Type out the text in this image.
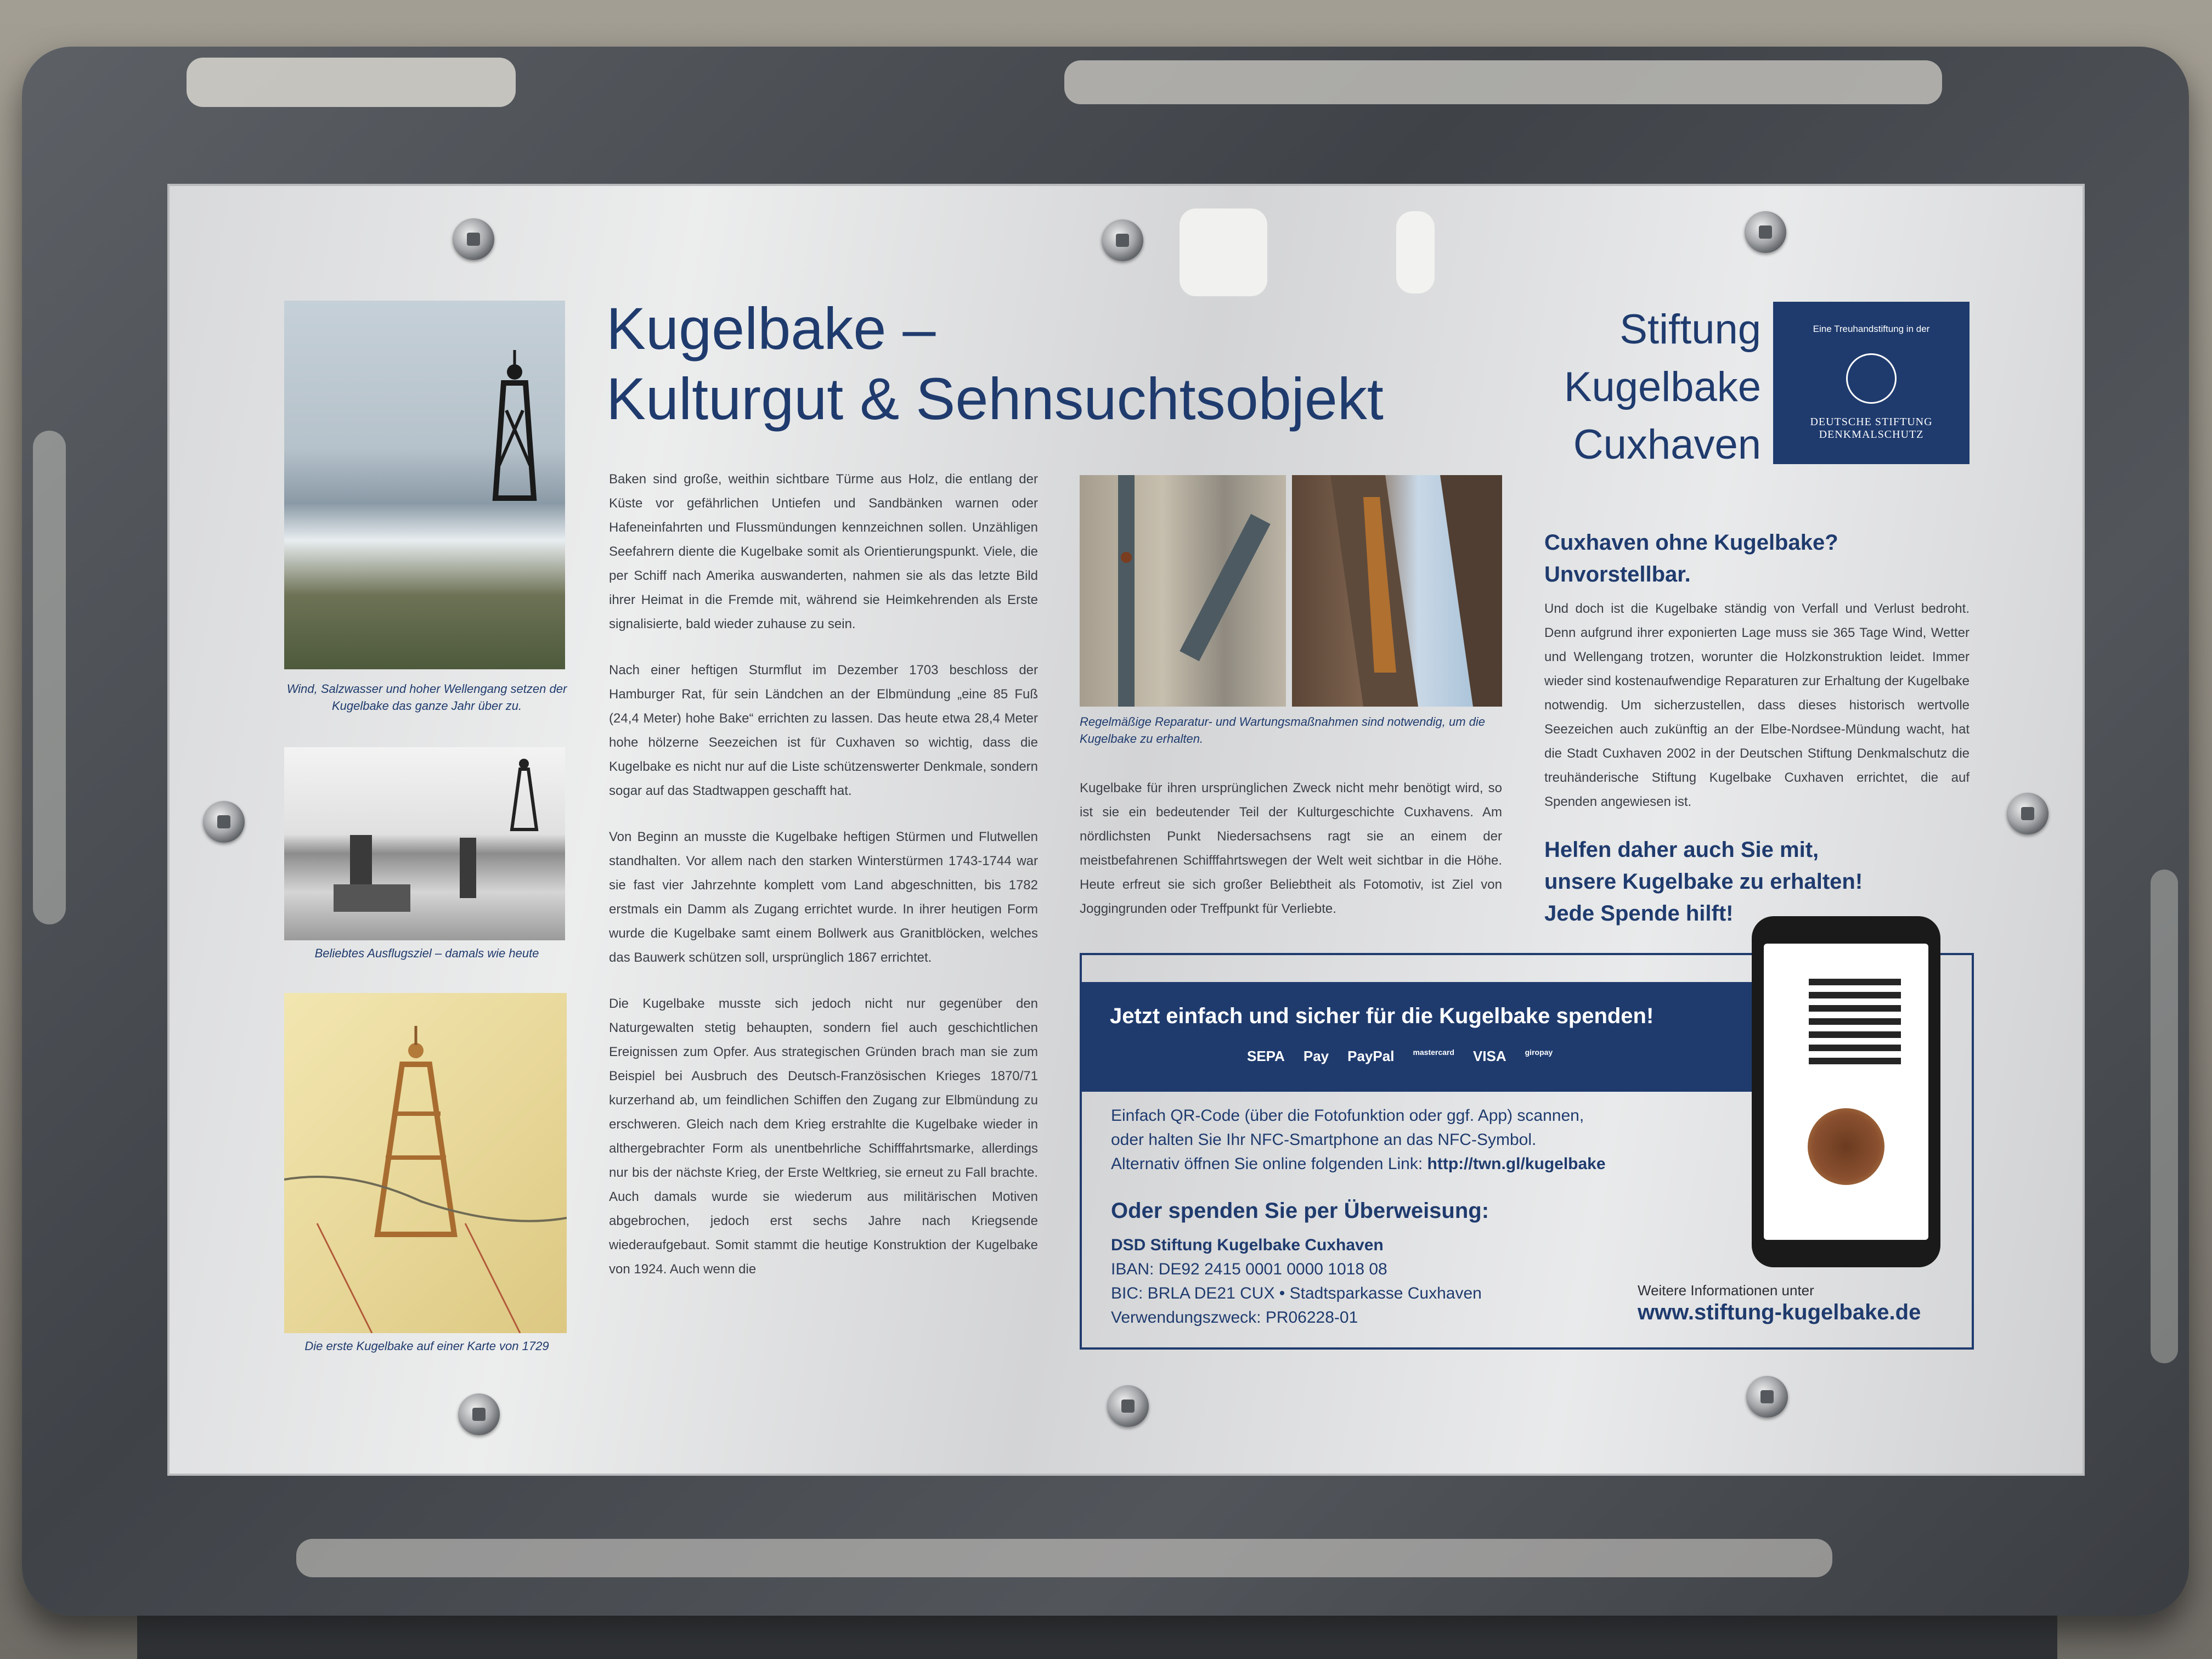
Wind, Salzwasser und hoher Wellengang setzen der Kugelbake das ganze Jahr über zu.
Beliebtes Ausflugsziel – damals wie heute
Die erste Kugelbake auf einer Karte von 1729
Kugelbake –
Kulturgut & Sehnsuchtsobjekt

Baken sind große, weithin sichtbare Türme aus Holz, die entlang der Küste vor gefährlichen Untiefen und Sandbänken warnen oder Hafeneinfahrten und Flussmündungen kennzeichnen sollen. Unzähligen Seefahrern diente die Kugelbake somit als Orientierungspunkt. Viele, die per Schiff nach Amerika auswanderten, nahmen sie als das letzte Bild ihrer Heimat in die Fremde mit, während sie Heimkehrenden als Erste signalisierte, bald wieder zuhause zu sein.

Nach einer heftigen Sturmflut im Dezember 1703 beschloss der Hamburger Rat, für sein Ländchen an der Elbmündung „eine 85 Fuß (24,4 Meter) hohe Bake“ errichten zu lassen. Das heute etwa 28,4 Meter hohe hölzerne Seezeichen ist für Cuxhaven so wichtig, dass die Kugelbake es nicht nur auf die Liste schützenswerter Denkmale, sondern sogar auf das Stadtwappen geschafft hat.

Von Beginn an musste die Kugelbake heftigen Stürmen und Flutwellen standhalten. Vor allem nach den starken Winterstürmen 1743-1744 war sie fast vier Jahrzehnte komplett vom Land abgeschnitten, bis 1782 erstmals ein Damm als Zugang errichtet wurde. In ihrer heutigen Form wurde die Kugelbake samt einem Bollwerk aus Granitblöcken, welches das Bauwerk schützen soll, ursprünglich 1867 errichtet.

Die Kugelbake musste sich jedoch nicht nur gegenüber den Naturgewalten stetig behaupten, sondern fiel auch geschichtlichen Ereignissen zum Opfer. Aus strategischen Gründen brach man sie zum Beispiel bei Ausbruch des Deutsch-Französischen Krieges 1870/71 kurzerhand ab, um feindlichen Schiffen den Zugang zur Elbmündung zu erschweren. Gleich nach dem Krieg erstrahlte die Kugelbake wieder in althergebrachter Form als unentbehrliche Schifffahrtsmarke, allerdings nur bis der nächste Krieg, der Erste Weltkrieg, sie erneut zu Fall brachte. Auch damals wurde sie wiederum aus militärischen Motiven abgebrochen, jedoch erst sechs Jahre nach Kriegsende wiederaufgebaut. Somit stammt die heutige Konstruktion der Kugelbake von 1924. Auch wenn die

Regelmäßige Reparatur- und Wartungsmaßnahmen sind notwendig, um die Kugelbake zu erhalten.

Kugelbake für ihren ursprünglichen Zweck nicht mehr benötigt wird, so ist sie ein bedeutender Teil der Kulturgeschichte Cuxhavens. Am nördlichsten Punkt Niedersachsens ragt sie an einem der meistbefahrenen Schifffahrtswegen der Welt weit sichtbar in die Höhe. Heute erfreut sie sich großer Beliebtheit als Fotomotiv, ist Ziel von Joggingrunden oder Treffpunkt für Verliebte.

Stiftung
Kugelbake
Cuxhaven
Eine Treuhandstiftung in der
DEUTSCHE STIFTUNG
DENKMALSCHUTZ
Cuxhaven ohne Kugelbake?
Unvorstellbar.
Und doch ist die Kugelbake ständig von Verfall und Verlust bedroht. Denn aufgrund ihrer exponierten Lage muss sie 365 Tage Wind, Wetter und Wellengang trotzen, worunter die Holzkonstruktion leidet. Immer wieder sind kostenaufwendige Reparaturen zur Erhaltung der Kugelbake notwendig. Um sicherzustellen, dass dieses historisch wertvolle Seezeichen auch zukünftig an der Elbe-Nordsee-Mündung wacht, hat die Stadt Cuxhaven 2002 in der Deutschen Stiftung Denkmalschutz die treuhänderische Stiftung Kugelbake Cuxhaven errichtet, die auf Spenden angewiesen ist.
Helfen daher auch Sie mit,
unsere Kugelbake zu erhalten!
Jede Spende hilft!
Jetzt einfach und sicher für die Kugelbake spenden!
SEPA Pay PayPal mastercard VISA giropay
Einfach QR-Code (über die Fotofunktion oder ggf. App) scannen,
oder halten Sie Ihr NFC-Smartphone an das NFC-Symbol.
Alternativ öffnen Sie online folgenden Link: http://twn.gl/kugelbake
Oder spenden Sie per Überweisung:
DSD Stiftung Kugelbake Cuxhaven
IBAN: DE92 2415 0001 0000 1018 08
BIC: BRLA DE21 CUX • Stadtsparkasse Cuxhaven
Verwendungszweck: PR06228-01
Weitere Informationen unter
www.stiftung-kugelbake.de
